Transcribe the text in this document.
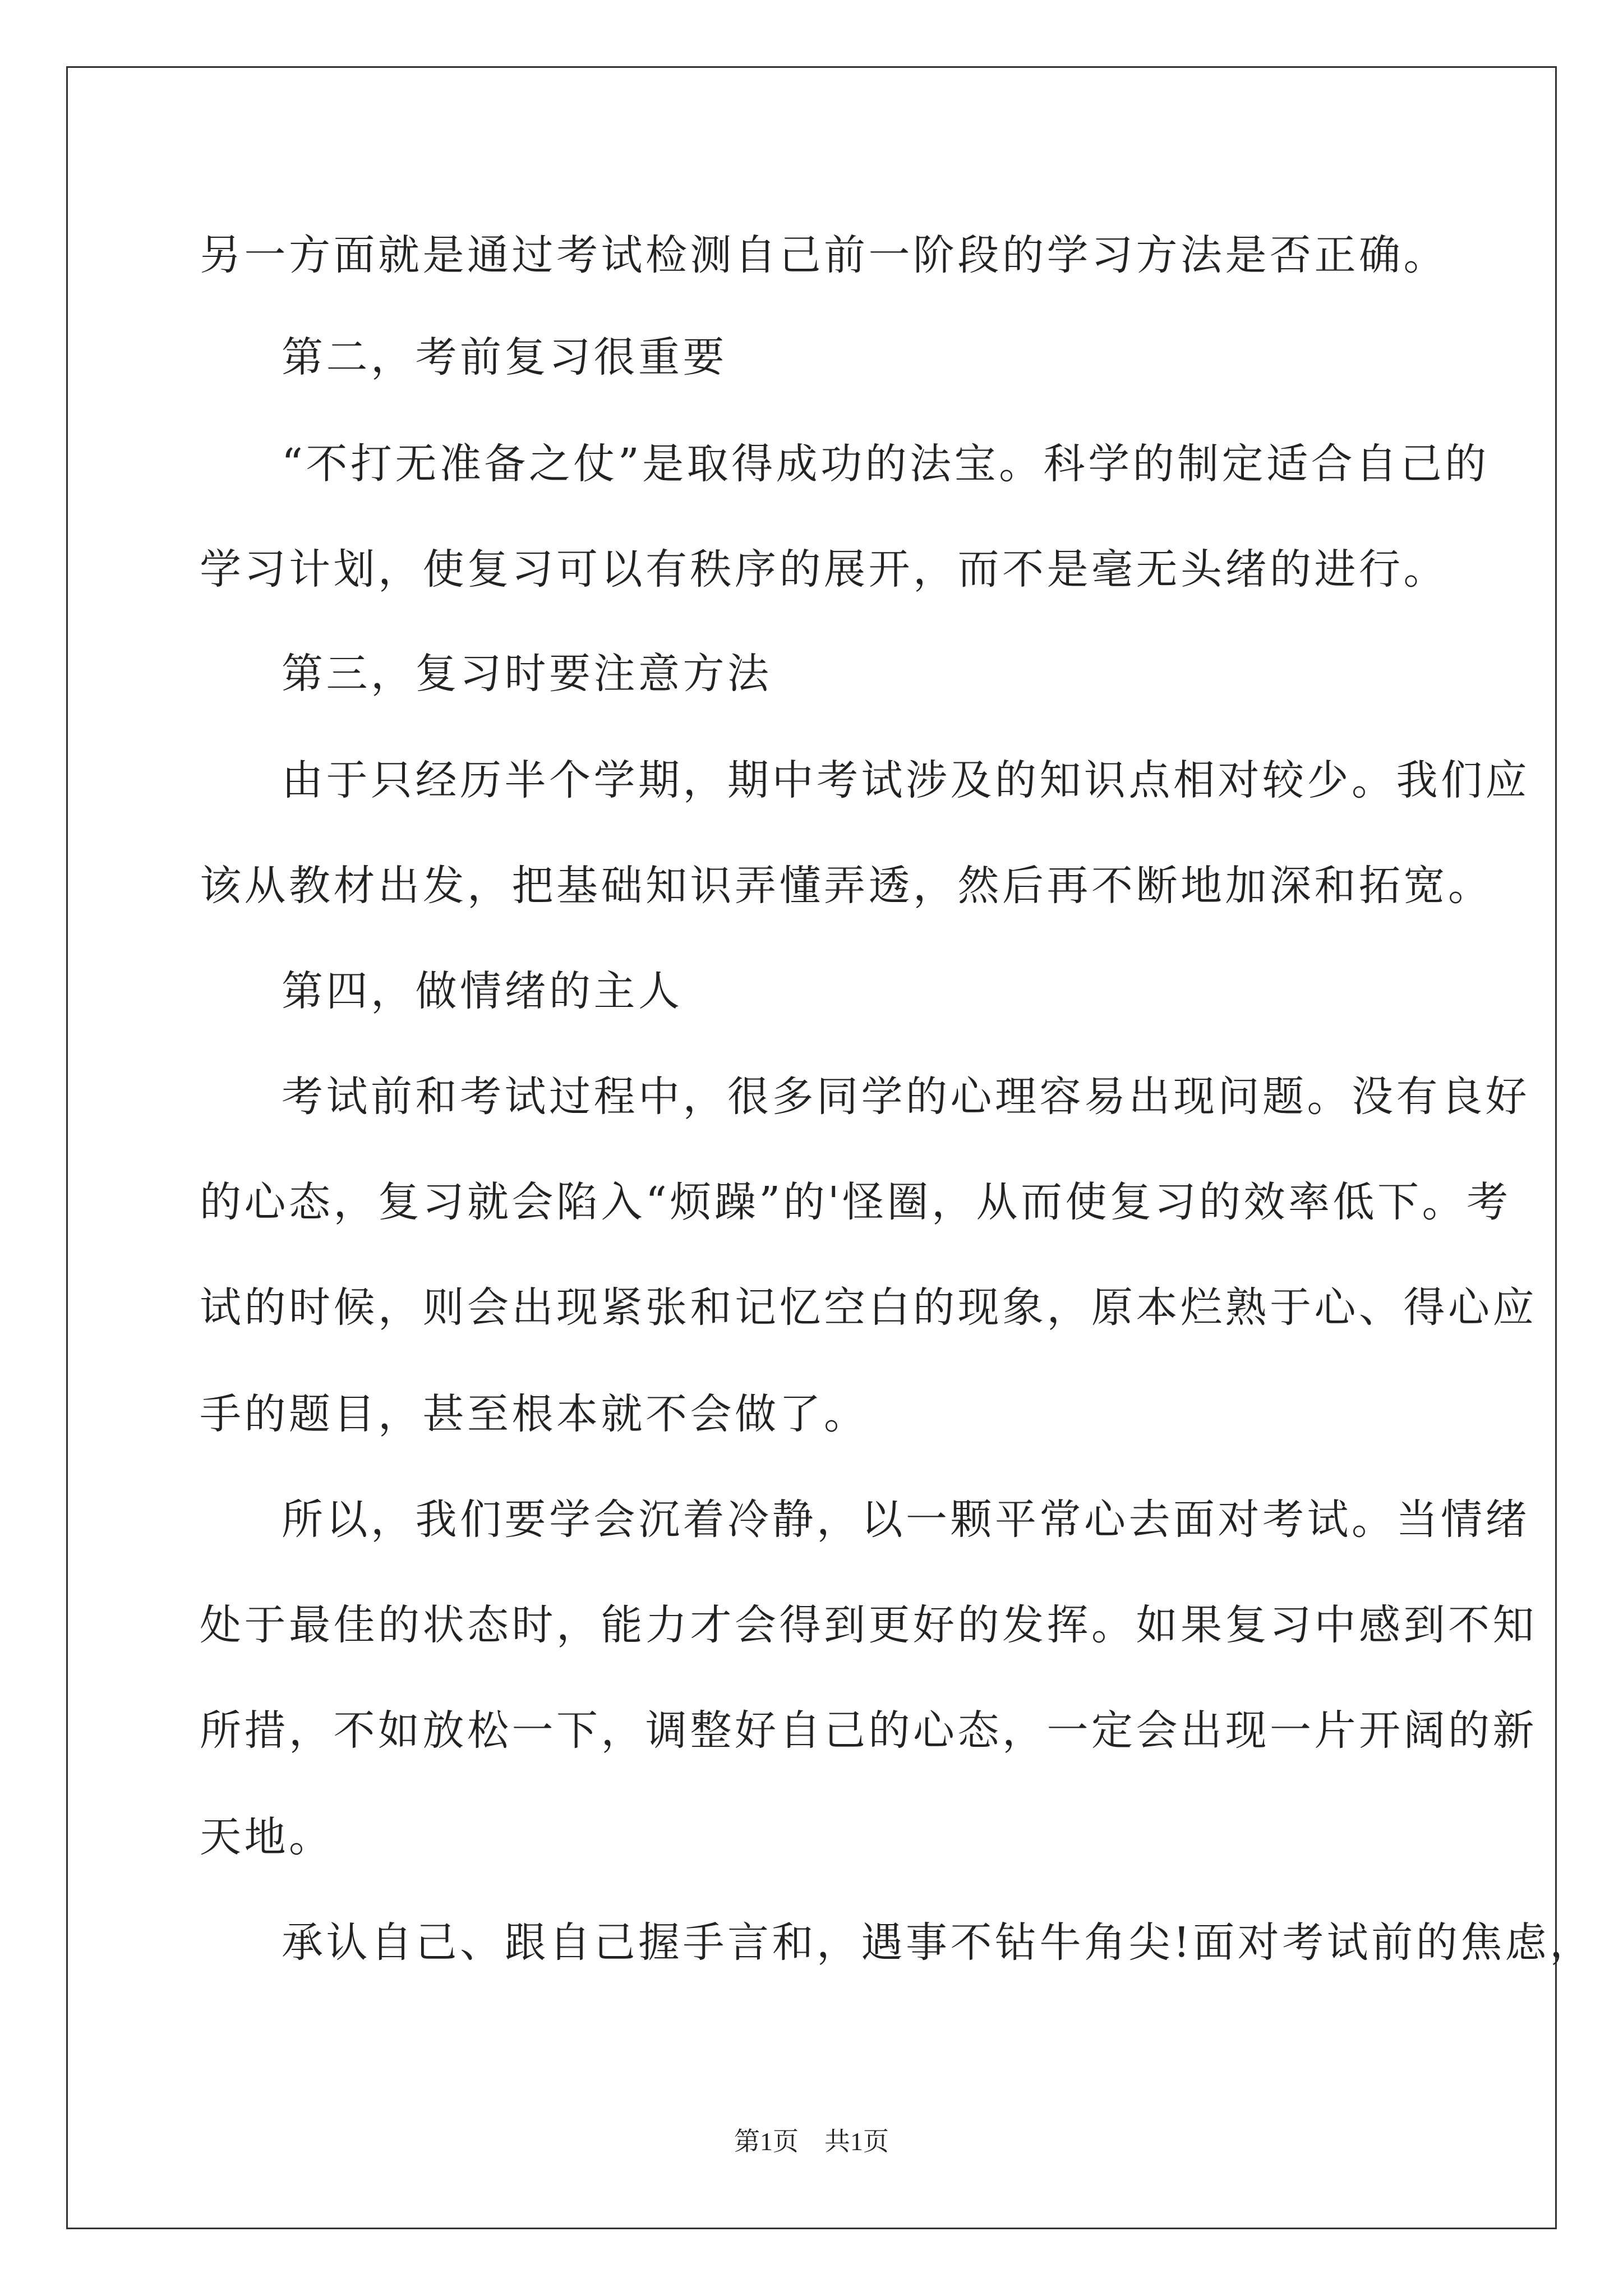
另一方面就是通过考试检测自己前一阶段的学习方法是否正确。
第二，考前复习很重要
“不打无准备之仗”是取得成功的法宝。科学的制定适合自己的
学习计划，使复习可以有秩序的展开，而不是毫无头绪的进行。
第三，复习时要注意方法
由于只经历半个学期，期中考试涉及的知识点相对较少。我们应
该从教材出发，把基础知识弄懂弄透，然后再不断地加深和拓宽。
第四，做情绪的主人
考试前和考试过程中，很多同学的心理容易出现问题。没有良好
的心态，复习就会陷入“烦躁”的'怪圈，从而使复习的效率低下。考
试的时候，则会出现紧张和记忆空白的现象，原本烂熟于心、得心应
手的题目，甚至根本就不会做了。
所以，我们要学会沉着冷静，以一颗平常心去面对考试。当情绪
处于最佳的状态时，能力才会得到更好的发挥。如果复习中感到不知
所措，不如放松一下，调整好自己的心态，一定会出现一片开阔的新
天地。
承认自己、跟自己握手言和，遇事不钻牛角尖!面对考试前的焦虑，
第1页　共1页
